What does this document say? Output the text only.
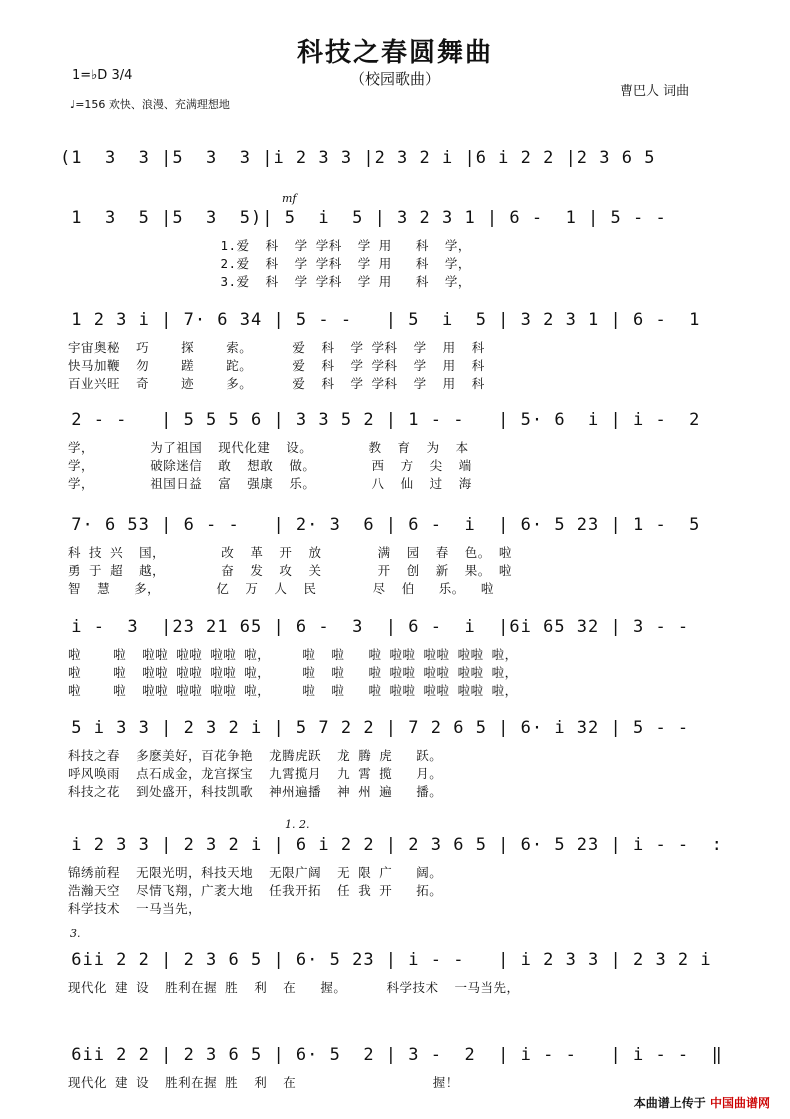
科技之春圆舞曲
（校园歌曲）
曹巴人 词曲
1=♭D 3/4
♩=156 欢快、浪漫、充满理想地
(1  3  3 |5  3  3 |i 2 3 3 |2 3 2 i |6 i 2 2 |2 3 6 5
1  3  5 |5  3  5)| 5  i  5 | 3 2 3 1 | 6 -  1 | 5 - -
1.爱  科  学 学科  学 用   科  学，
2.爱  科  学 学科  学 用   科  学，
3.爱  科  学 学科  学 用   科  学，
1 2 3 i | 7· 6 34 | 5 - -   | 5  i  5 | 3 2 3 1 | 6 -  1
宇宙奥秘  巧    探    索。     爱  科  学 学科  学  用  科
快马加鞭  勿    蹉    跎。     爱  科  学 学科  学  用  科
百业兴旺  奇    迹    多。     爱  科  学 学科  学  用  科
2 - -   | 5 5 5 6 | 3 3 5 2 | 1 - -   | 5· 6  i | i -  2
学，       为了祖国  现代化建  设。       教  育  为  本
学，       破除迷信  敢  想敢  做。       西  方  尖  端
学，       祖国日益  富  强康  乐。       八  仙  过  海
7· 6 53 | 6 - -   | 2· 3  6 | 6 -  i  | 6· 5 23 | 1 -  5
科 技 兴  国，       改  革  开  放       满  园  春  色。 啦
勇 于 超  越，       奋  发  攻  关       开  创  新  果。 啦
智  慧   多，       亿  万  人  民       尽  伯   乐。  啦
i -  3  |23 21 65 | 6 -  3  | 6 -  i  |6i 65 32 | 3 - -
啦    啦  啦啦 啦啦 啦啦 啦，    啦  啦   啦 啦啦 啦啦 啦啦 啦，
啦    啦  啦啦 啦啦 啦啦 啦，    啦  啦   啦 啦啦 啦啦 啦啦 啦，
啦    啦  啦啦 啦啦 啦啦 啦，    啦  啦   啦 啦啦 啦啦 啦啦 啦，
5 i 3 3 | 2 3 2 i | 5 7 2 2 | 7 2 6 5 | 6· i 32 | 5 - -
科技之春  多麽美好，百花争艳  龙腾虎跃  龙 腾 虎   跃。
呼风唤雨  点石成金，龙宫探宝  九霄揽月  九 霄 揽   月。
科技之花  到处盛开，科技凯歌  神州遍播  神 州 遍   播。
i 2 3 3 | 2 3 2 i | 6 i 2 2 | 2 3 6 5 | 6· 5 23 | i - -  :
锦绣前程  无限光明，科技天地  无限广阔  无 限 广   阔。
浩瀚天空  尽情飞翔，广袤大地  任我开拓  任 我 开   拓。
科学技术  一马当先，
6ii 2 2 | 2 3 6 5 | 6· 5 23 | i - -   | i 2 3 3 | 2 3 2 i
现代化 建 设  胜利在握 胜  利  在   握。     科学技术  一马当先，
6ii 2 2 | 2 3 6 5 | 6· 5  2 | 3 -  2  | i - -   | i - -  ‖
现代化 建 设  胜利在握 胜  利  在                 握！
mf
1. 2.
3.
本曲谱上传于 中国曲谱网
